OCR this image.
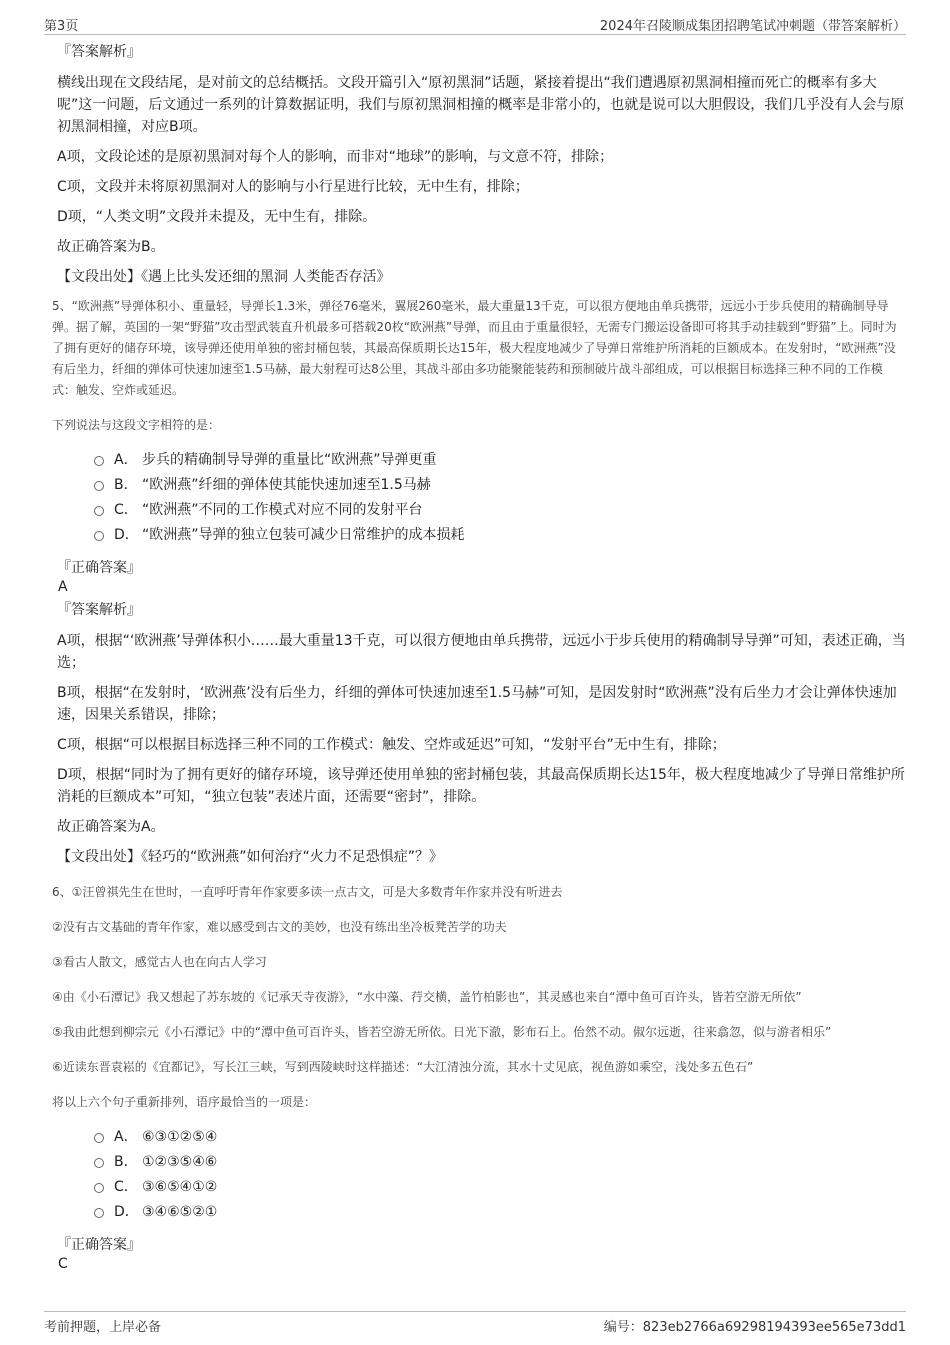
第3页	2024年召陵顺成集团招聘笔试冲刺题（带答案解析）
『答案解析』

横线出现在文段结尾，是对前文的总结概括。文段开篇引入“原初黑洞”话题，紧接着提出“我们遭遇原初黑洞相撞而死亡的概率有多大呢”这一问题，后文通过一系列的计算数据证明，我们与原初黑洞相撞的概率是非常小的，也就是说可以大胆假设，我们几乎没有人会与原初黑洞相撞，对应B项。

A项，文段论述的是原初黑洞对每个人的影响，而非对“地球”的影响，与文意不符，排除；

C项，文段并未将原初黑洞对人的影响与小行星进行比较，无中生有，排除；

D项，“人类文明”文段并未提及，无中生有，排除。

故正确答案为B。

【文段出处】《遇上比头发还细的黑洞 人类能否存活》

5、“欧洲燕”导弹体积小、重量轻，导弹长1.3米，弹径76毫米，翼展260毫米，最大重量13千克，可以很方便地由单兵携带，远远小于步兵使用的精确制导导弹。据了解，英国的一架“野猫”攻击型武装直升机最多可搭载20枚“欧洲燕”导弹，而且由于重量很轻，无需专门搬运设备即可将其手动挂载到“野猫”上。同时为了拥有更好的储存环境，该导弹还使用单独的密封桶包装，其最高保质期长达15年，极大程度地减少了导弹日常维护所消耗的巨额成本。在发射时，“欧洲燕”没有后坐力，纤细的弹体可快速加速至1.5马赫，最大射程可达8公里，其战斗部由多功能聚能装药和预制破片战斗部组成，可以根据目标选择三种不同的工作模式：触发、空炸或延迟。

下列说法与这段文字相符的是：

A． 步兵的精确制导导弹的重量比“欧洲燕”导弹更重
B． “欧洲燕”纤细的弹体使其能快速加速至1.5马赫
C． “欧洲燕”不同的工作模式对应不同的发射平台
D． “欧洲燕”导弹的独立包装可减少日常维护的成本损耗
『正确答案』
A
『答案解析』

A项，根据“‘欧洲燕’导弹体积小……最大重量13千克，可以很方便地由单兵携带，远远小于步兵使用的精确制导导弹”可知，表述正确，当选；

B项，根据“在发射时，‘欧洲燕’没有后坐力，纤细的弹体可快速加速至1.5马赫”可知，是因发射时“欧洲燕”没有后坐力才会让弹体快速加速，因果关系错误，排除；

C项，根据“可以根据目标选择三种不同的工作模式：触发、空炸或延迟”可知，“发射平台”无中生有，排除；

D项，根据“同时为了拥有更好的储存环境，该导弹还使用单独的密封桶包装，其最高保质期长达15年，极大程度地减少了导弹日常维护所消耗的巨额成本”可知，“独立包装”表述片面，还需要“密封”，排除。

故正确答案为A。

【文段出处】《轻巧的“欧洲燕”如何治疗“火力不足恐惧症”？》

6、①汪曾祺先生在世时，一直呼吁青年作家要多读一点古文，可是大多数青年作家并没有听进去

②没有古文基础的青年作家，难以感受到古文的美妙，也没有练出坐冷板凳苦学的功夫

③看古人散文，感觉古人也在向古人学习

④由《小石潭记》我又想起了苏东坡的《记承天寺夜游》，“水中藻、荇交横，盖竹柏影也”，其灵感也来自“潭中鱼可百许头，皆若空游无所依”

⑤我由此想到柳宗元《小石潭记》中的“潭中鱼可百许头，皆若空游无所依。日光下澈，影布石上。佁然不动。俶尔远逝，往来翕忽，似与游者相乐”

⑥近读东晋袁崧的《宜都记》，写长江三峡，写到西陵峡时这样描述：“大江清浊分流，其水十丈见底，视鱼游如乘空，浅处多五色石”

将以上六个句子重新排列，语序最恰当的一项是：

A． ⑥③①②⑤④
B． ①②③⑤④⑥
C． ③⑥⑤④①②
D． ③④⑥⑤②①
『正确答案』
C
考前押题，上岸必备	编号：823eb2766a69298194393ee565e73dd1
